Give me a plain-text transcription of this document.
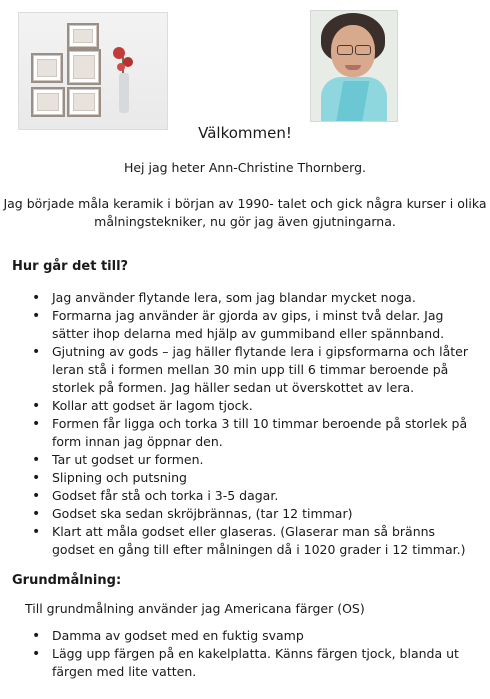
Välkommen!
Hej jag heter Ann-Christine Thornberg.
Jag började måla keramik i början av 1990- talet och gick några kurser i olika målningstekniker, nu gör jag även gjutningarna.
Hur går det till?
• Jag använder flytande lera, som jag blandar mycket noga.
• Formarna jag använder är gjorda av gips, i minst två delar. Jag sätter ihop delarna med hjälp av gummiband eller spännband.
• Gjutning av gods – jag häller flytande lera i gipsformarna och låter leran stå i formen mellan 30 min upp till 6 timmar beroende på storlek på formen. Jag häller sedan ut överskottet av lera.
• Kollar att godset är lagom tjock.
• Formen får ligga och torka 3 till 10 timmar beroende på storlek på form innan jag öppnar den.
• Tar ut godset ur formen.
• Slipning och putsning
• Godset får stå och torka i 3-5 dagar.
• Godset ska sedan skröjbrännas, (tar 12 timmar)
• Klart att måla godset eller glaseras. (Glaserar man så bränns godset en gång till efter målningen då i 1020 grader i 12 timmar.)
Grundmålning:
Till grundmålning använder jag Americana färger (OS)
• Damma av godset med en fuktig svamp
• Lägg upp färgen på en kakelplatta. Känns färgen tjock, blanda ut färgen med lite vatten.
